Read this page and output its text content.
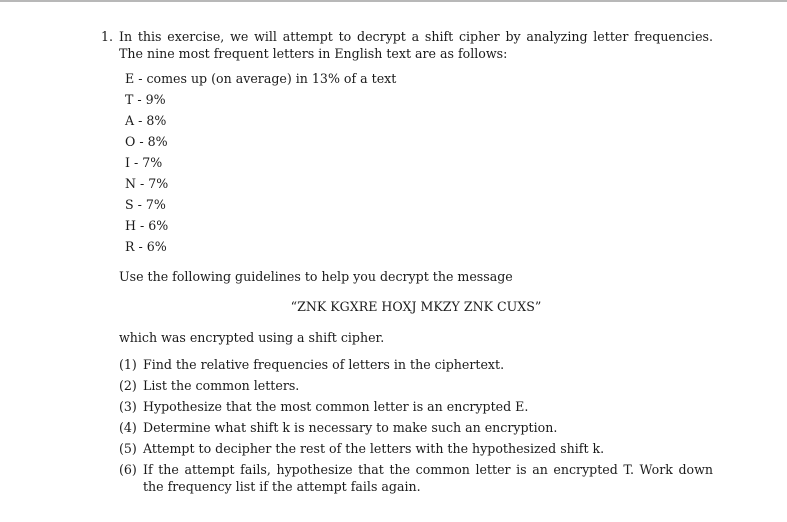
1. In this exercise, we will attempt to decrypt a shift cipher by analyzing letter frequencies. The nine most frequent letters in English text are as follows:
E - comes up (on average) in 13% of a text
T - 9%
A - 8%
O - 8%
I - 7%
N - 7%
S - 7%
H - 6%
R - 6%
Use the following guidelines to help you decrypt the message
“ZNK KGXRE HOXJ MKZY ZNK CUXS”
which was encrypted using a shift cipher.
(1) Find the relative frequencies of letters in the ciphertext.
(2) List the common letters.
(3) Hypothesize that the most common letter is an encrypted E.
(4) Determine what shift k is necessary to make such an encryption.
(5) Attempt to decipher the rest of the letters with the hypothesized shift k.
(6) If the attempt fails, hypothesize that the common letter is an encrypted T. Work down the frequency list if the attempt fails again.
